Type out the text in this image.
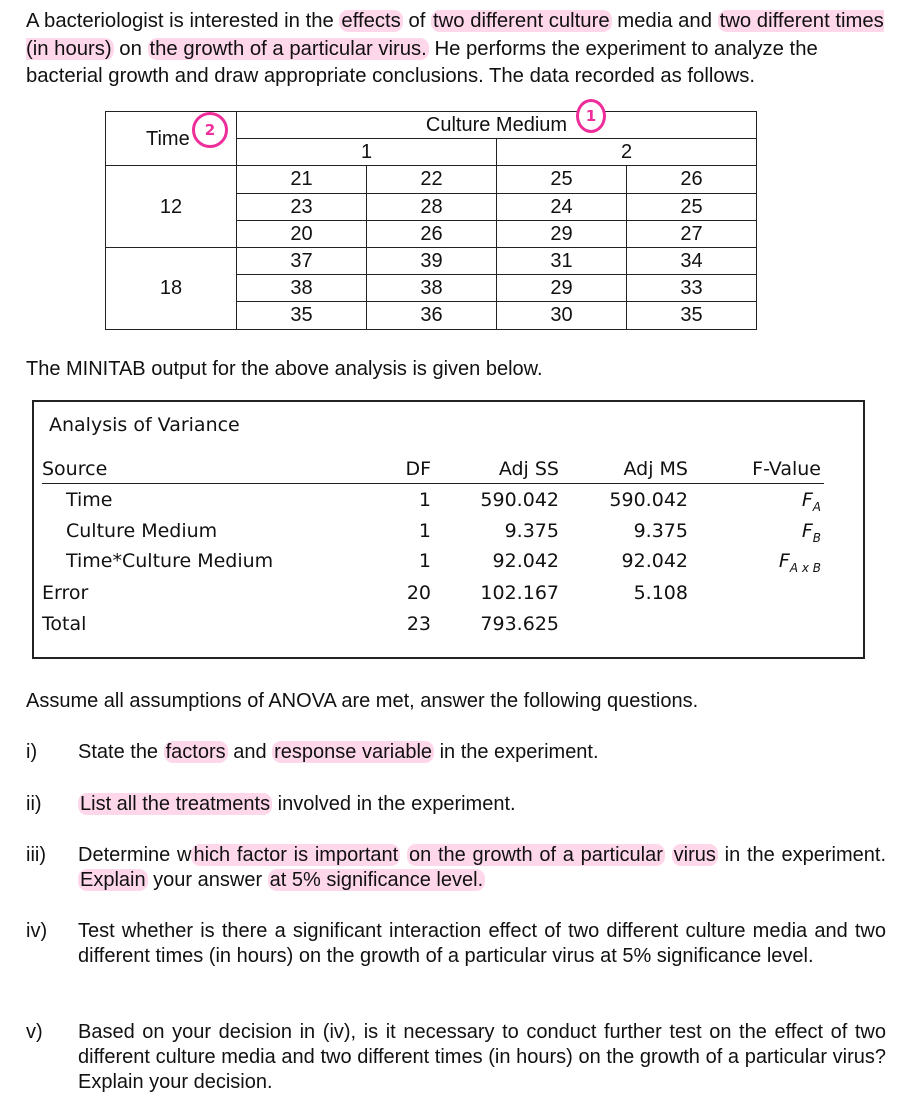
A bacteriologist is interested in the effects of two different culture media and two different times (in hours) on the growth of a particular virus. He performs the experiment to analyze the bacterial growth and draw appropriate conclusions. The data recorded as follows.
Time	Culture Medium			
	1		2	
12	21	22	25	26
	23	28	24	25
	20	26	29	27
18	37	39	31	34
	38	38	29	33
	35	36	30	35
2
1
The MINITAB output for the above analysis is given below.
Analysis of Variance
Source	DF	Adj SS	Adj MS	F-Value
Time	1	590.042	590.042	$F_A$
Culture Medium	1	9.375	9.375	$F_B$
Time*Culture Medium	1	92.042	92.042	$F_{A x B}$
Error	20	102.167	5.108
Total	23	793.625
Assume all assumptions of ANOVA are met, answer the following questions.
i) State the factors and response variable in the experiment.
ii) List all the treatments involved in the experiment.
iii) Determine w hich factor is important on the growth of a particular virus in the experiment. Explain your answer at 5% significance level.
iv) Test whether is there a significant interaction effect of two different culture media and two different times (in hours) on the growth of a particular virus at 5% significance level.
v) Based on your decision in (iv), is it necessary to conduct further test on the effect of two different culture media and two different times (in hours) on the growth of a particular virus? Explain your decision.
